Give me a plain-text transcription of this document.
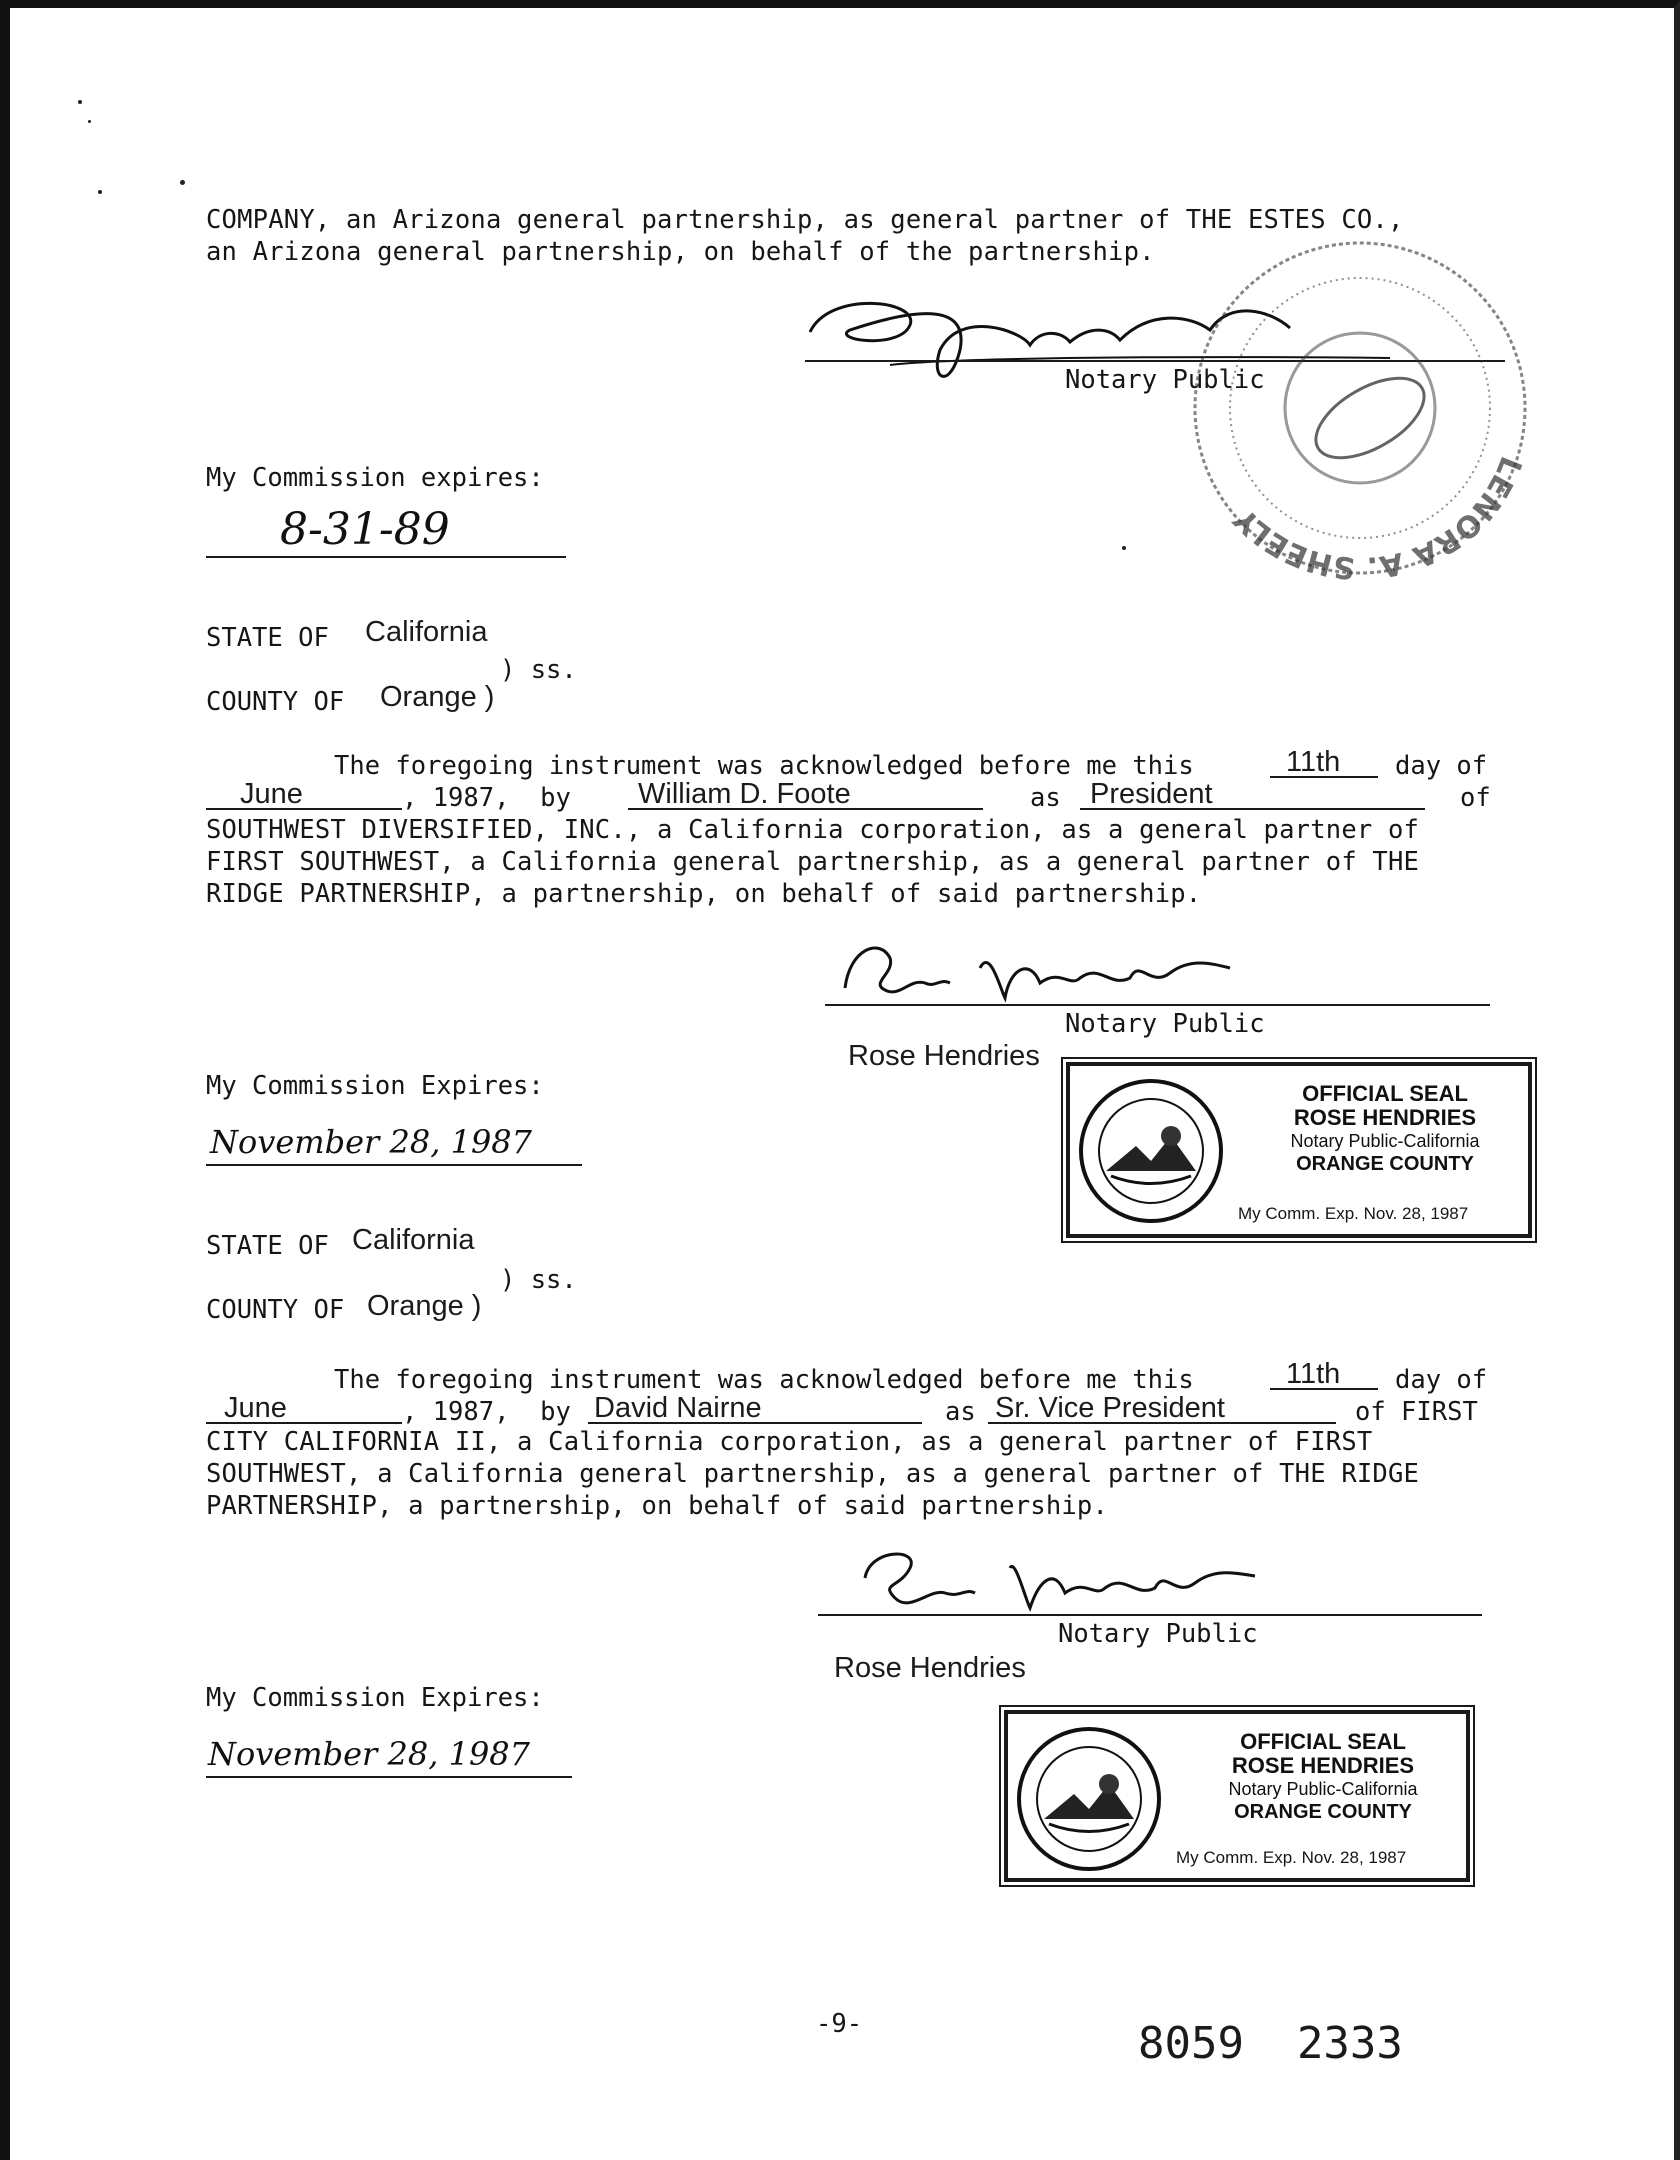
COMPANY, an Arizona general partnership, as general partner of THE ESTES CO.,
an Arizona general partnership, on behalf of the partnership.
Notary Public
LENORA A. SHEELY
My Commission expires:
8-31-89
STATE OF California
) ss.
COUNTY OF Orange )
The foregoing instrument was acknowledged before me this	11th day of
June	, 1987,  by William D. Foote	as President	of
SOUTHWEST DIVERSIFIED, INC., a California corporation, as a general partner of
FIRST SOUTHWEST, a California general partnership, as a general partner of THE
RIDGE PARTNERSHIP, a partnership, on behalf of said partnership.
Notary Public
Rose Hendries
My Commission Expires:
November 28, 1987
OFFICIAL SEAL
ROSE HENDRIES
Notary Public-California
ORANGE COUNTY
My Comm. Exp. Nov. 28, 1987
STATE OF California
) ss.
COUNTY OF Orange )
The foregoing instrument was acknowledged before me this	11th day of
June	, 1987,  by David Nairne	as Sr. Vice President	of FIRST
CITY CALIFORNIA II, a California corporation, as a general partner of FIRST
SOUTHWEST, a California general partnership, as a general partner of THE RIDGE
PARTNERSHIP, a partnership, on behalf of said partnership.
Notary Public
Rose Hendries
My Commission Expires:
November 28, 1987	OFFICIAL SEAL
ROSE HENDRIES
Notary Public-California
ORANGE COUNTY
My Comm. Exp. Nov. 28, 1987
-9-	8059  2333
